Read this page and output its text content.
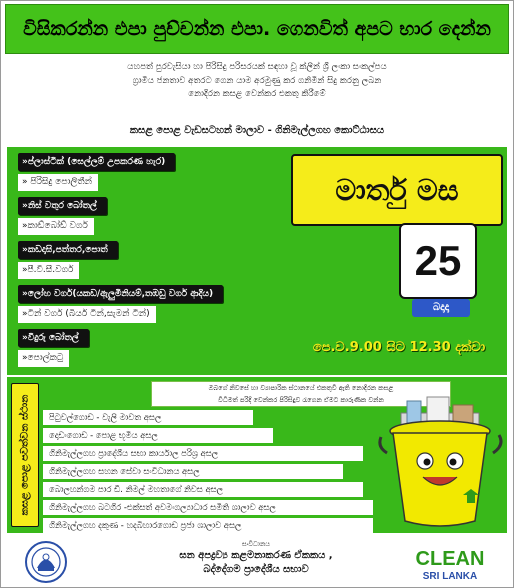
විසිකරන්න එපා පුච්චන්න එපා. ගෙනවිත් අපට භාර දෙන්න
යහපත් පුරවැසියා හා පිරිසිදු පරිසරයක් සඳහා වූ ක්ලීන් ශ්‍රී ලංකා සංකල්පය
ග්‍රාමීය ජනතාව අතරට ගෙන යාම අරමුණු කර ගනිමින් සිදු කරනු ලබන
නොදිරන කසළ වෙන්කර එකතු කිරීමේ
කසළ පොළ වැඩසටහන් මාලාව - ගිනිමැල්ලගහ කොට්ඨාසය
»ප්ලාස්ටික් (සෙල්ලම් උපකරණ හැර)
» පිරිසිදු පොලිතීන්
»නිස් වතුර බෝතල්
»කාඩ්බෝඩ් වර්ග
»කඩදාසි,පත්තර,පොත්
»පී.වී.සී.වර්ග
»ලෝහ වර්ග(යකඩ/ඇලුමිනියම්,තඹඩු වර්ග ආදිය)
»ටින් වර්ග (බියර් ටින්,සැමන් ටින්)
»වීදුරු බෝතල්
»පොල්කටු
මාර්තු මස
25
බදාදා
පෙ.ව.9.00 සිට 12.30 දක්වා
කසළ පොළ පවත්වන ස්ථාන
ඔබගේ නිවසේ හා ව්‍යාපාරික ස්ථානයේ එකතුවී ඇති නොදිරන කසළ
විධිමත් පරිදි වෙන්කර පිරිසිදුව රැගෙන ඒමට කාරුණික වන්න
පිටුවල්ගොඩ - වැලි මාවත අසල
දොඩංගොඩ - පොළ භූමිය අසල
ගිනිමැල්ලගහ ප්‍රාදේශීය සභා කාර්යාල පරිශ්‍ර අසල
ගිනිමැල්ලගහ සහන සේවා සංවිධානය අසල
බොලහන්ගම පාර ඩී. නිමල් මහතාගේ නිවස අසල
ගිනිමැල්ලගහ බටගිර -එක්සත් අවමංගල්‍යාධාර සමිති ශාලාව අසල
ගිනිමැල්ලගහ දකුණ - හදබිහාරගොඩ ප්‍රජා ශාලාව අසල
සංවිධානය
ඝන අපද්‍රව්‍ය කළමනාකරණ ඒකකය ,
බද්දේගම ප්‍රාදේශීය සභාව	CLEAN
SRI LANKA
